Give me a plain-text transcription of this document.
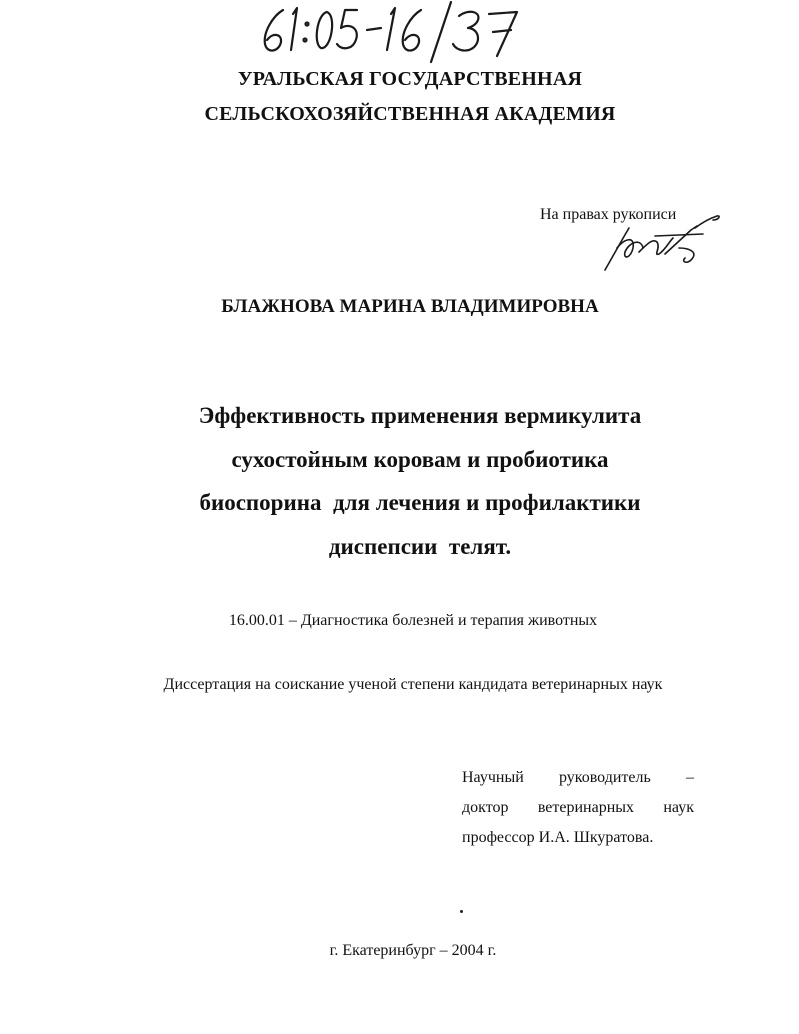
УРАЛЬСКАЯ ГОСУДАРСТВЕННАЯ
СЕЛЬСКОХОЗЯЙСТВЕННАЯ АКАДЕМИЯ
На правах рукописи
БЛАЖНОВА МАРИНА ВЛАДИМИРОВНА
Эффективность применения вермикулита
сухостойным коровам и пробиотика
биоспорина  для лечения и профилактики
диспепсии  телят.
16.00.01 – Диагностика болезней и терапия животных
Диссертация на соискание ученой степени кандидата ветеринарных наук
Научный руководитель –
доктор ветеринарных наук
профессор И.А. Шкуратова.
г. Екатеринбург – 2004 г.
